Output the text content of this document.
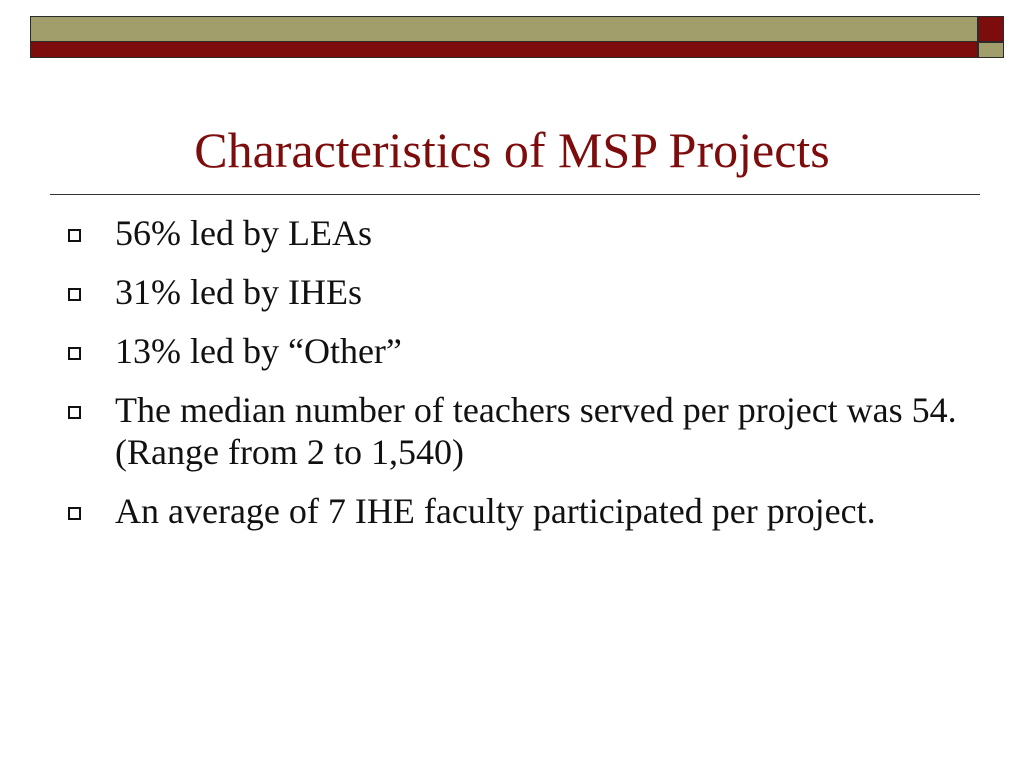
Characteristics of MSP Projects
56% led by LEAs
31% led by IHEs
13% led by “Other”
The median number of teachers served per project was 54. (Range from 2 to 1,540)
An average of 7 IHE faculty participated per project.
